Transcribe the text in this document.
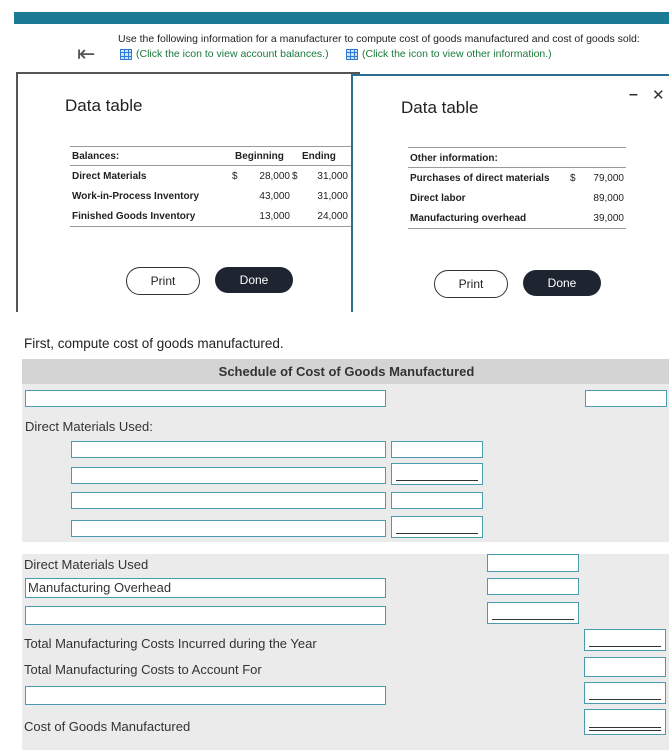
⇤
Use the following information for a manufacturer to compute cost of goods manufactured and cost of goods sold:
(Click the icon to view account balances.)	(Click the icon to view other information.)
Data table
Balances:	Beginning Ending
Direct Materials	$	28,000 $	31,000
Work-in-Process Inventory	43,000	31,000
Finished Goods Inventory	13,000	24,000
Print	Done
Data table
– ✕
Other information:
Purchases of direct materials $	79,000
Direct labor	89,000
Manufacturing overhead	39,000
Print	Done
First, compute cost of goods manufactured.
Schedule of Cost of Goods Manufactured
Direct Materials Used:
Direct Materials Used
Manufacturing Overhead
Total Manufacturing Costs Incurred during the Year
Total Manufacturing Costs to Account For
Cost of Goods Manufactured
